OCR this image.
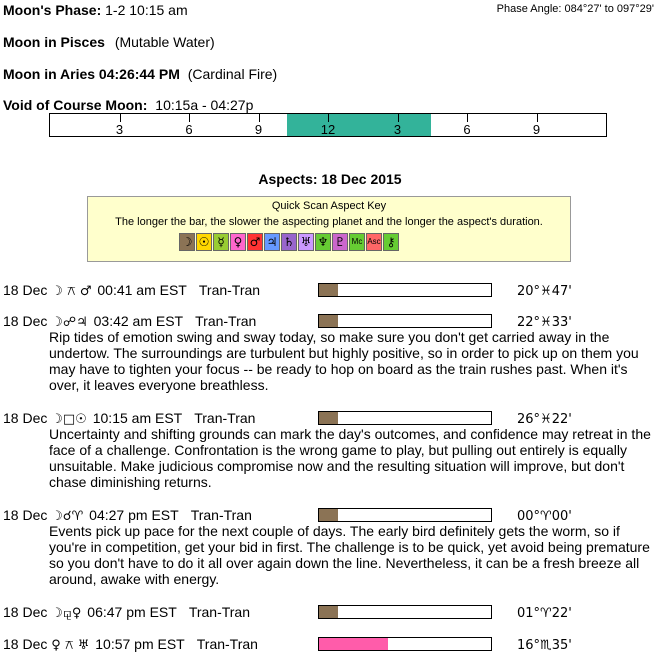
Moon's Phase: 1-2 10:15 am	Phase Angle: 084°27' to 097°29'
Moon in Pisces (Mutable Water)
Moon in Aries 04:26:44 PM (Cardinal Fire)
Void of Course Moon: 10:15a - 04:27p
3	6	9	12	3	6	9
Aspects: 18 Dec 2015
Quick Scan Aspect Key
The longer the bar, the slower the aspecting planet and the longer the aspect's duration.
☽ ☉ ☿ ♀ ♂ ♃ ♄ ♅ ♆ ♇ Mc Asc ⚷
18 Dec ☽ ⚻ ♂ 00:41 am EST Tran-Tran	20°♓47'
18 Dec ☽☍♃ 03:42 am EST Tran-Tran	22°♓33'
Rip tides of emotion swing and sway today, so make sure you don't get carried away in the undertow. The surroundings are turbulent but highly positive, so in order to pick up on them you may have to tighten your focus -- be ready to hop on board as the train rushes past. When it's over, it leaves everyone breathless.
18 Dec ☽□☉ 10:15 am EST Tran-Tran	26°♓22'
Uncertainty and shifting grounds can mark the day's outcomes, and confidence may retreat in the face of a challenge. Confrontation is the wrong game to play, but pulling out entirely is equally unsuitable. Make judicious compromise now and the resulting situation will improve, but don't chase diminishing returns.
18 Dec ☽☌♈ 04:27 pm EST Tran-Tran	00°♈00'
Events pick up pace for the next couple of days. The early bird definitely gets the worm, so if you're in competition, get your bid in first. The challenge is to be quick, yet avoid being premature so you don't have to do it all over again down the line. Nevertheless, it can be a fresh breeze all around, awake with energy.
18 Dec ☽⚼♀ 06:47 pm EST Tran-Tran	01°♈22'
18 Dec ♀ ⚻ ♅ 10:57 pm EST Tran-Tran	16°♏35'
